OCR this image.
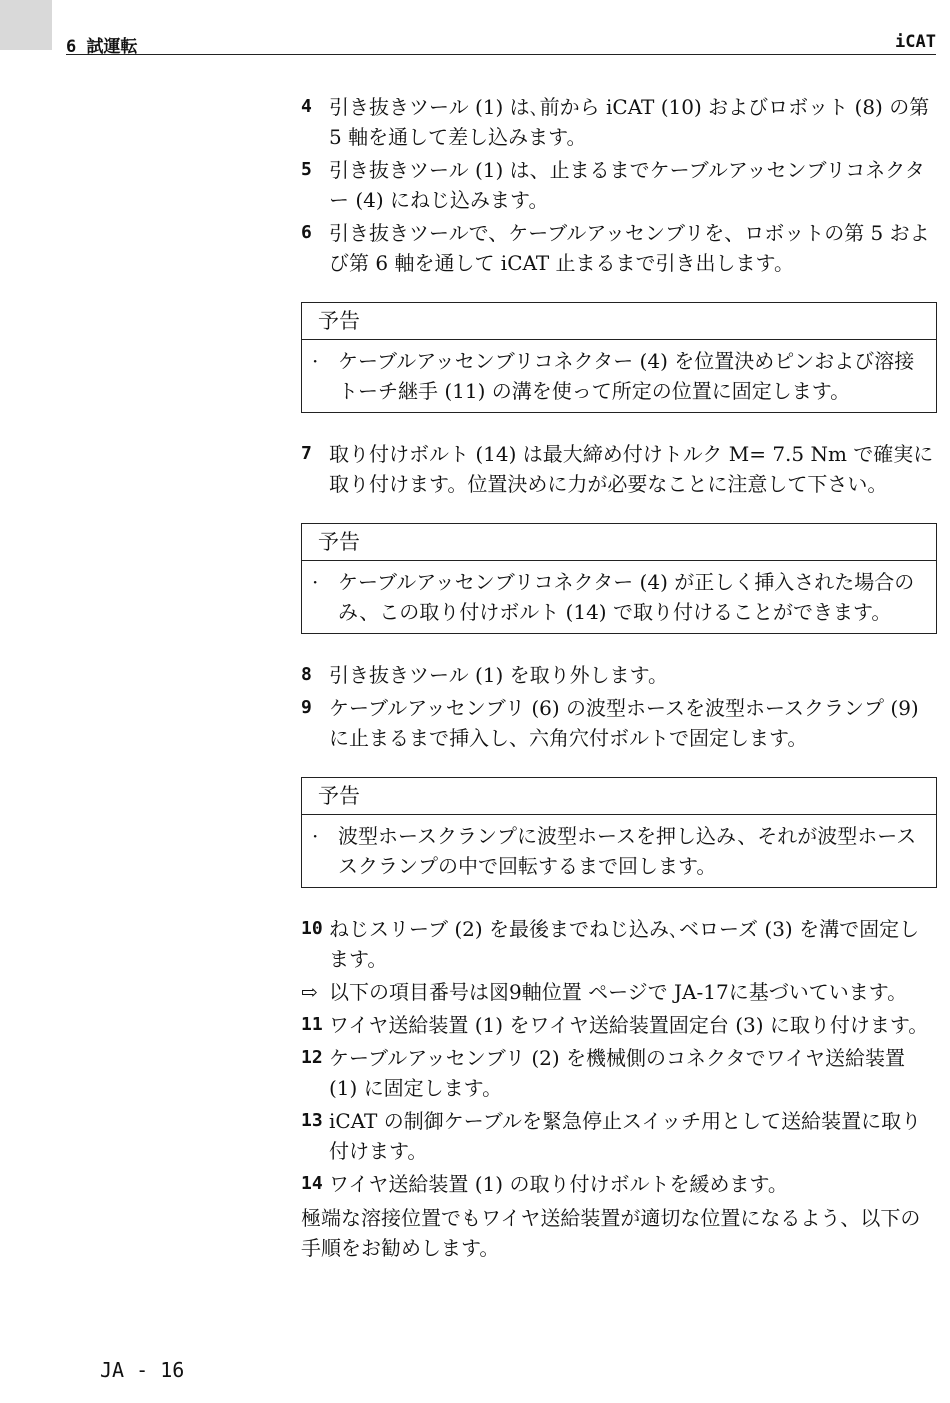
6 試運転	iCAT
4 引き抜きツール (1) は､前から iCAT (10) およびロボット (8) の第 5 軸を通して差し込みます。
5 引き抜きツール (1) は、止まるまでケーブルアッセンブリコネクター (4) にねじ込みます。
6 引き抜きツールで、ケーブルアッセンブリを、ロボットの第 5 および第 6 軸を通して iCAT 止まるまで引き出します。
予告
· ケーブルアッセンブリコネクター (4) を位置決めピンおよび溶接トーチ継手 (11) の溝を使って所定の位置に固定します。
7 取り付けボルト (14) は最大締め付けトルク M= 7.5 Nm で確実に取り付けます。位置決めに力が必要なことに注意して下さい。
予告
· ケーブルアッセンブリコネクター (4) が正しく挿入された場合のみ、この取り付けボルト (14) で取り付けることができます。
8 引き抜きツール (1) を取り外します。
9 ケーブルアッセンブリ (6) の波型ホースを波型ホースクランプ (9) に止まるまで挿入し、六角穴付ボルトで固定します。
予告
· 波型ホースクランプに波型ホースを押し込み、それが波型ホーススクランプの中で回転するまで回します。
10 ねじスリーブ (2) を最後までねじ込み､ベローズ (3) を溝で固定します。
⇨ 以下の項目番号は図9軸位置 ページで JA-17に基づいています。
11 ワイヤ送給装置 (1) をワイヤ送給装置固定台 (3) に取り付けます。
12 ケーブルアッセンブリ (2) を機械側のコネクタでワイヤ送給装置 (1) に固定します。
13 iCAT の制御ケーブルを緊急停止スイッチ用として送給装置に取り付けます。
14 ワイヤ送給装置 (1) の取り付けボルトを緩めます。
極端な溶接位置でもワイヤ送給装置が適切な位置になるよう、以下の手順をお勧めします。
JA - 16
